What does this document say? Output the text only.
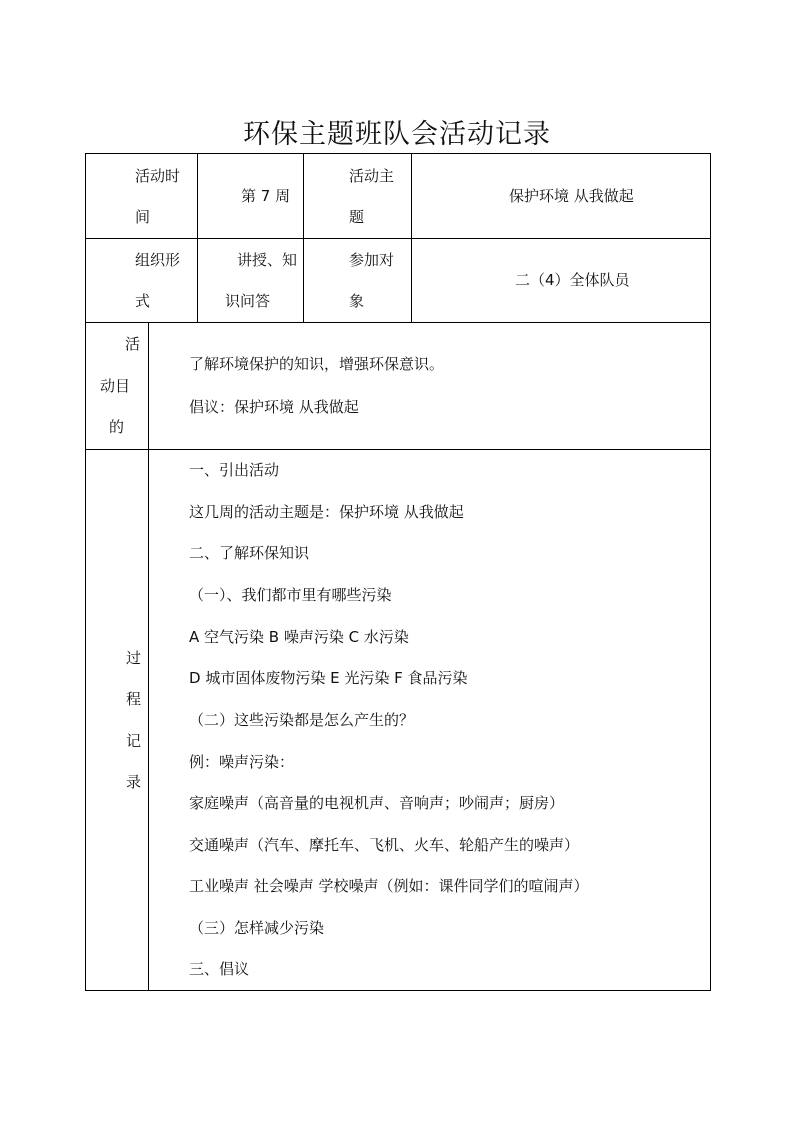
环保主题班队会活动记录
活动时
间
第 7 周
活动主
题
保护环境 从我做起
组织形
式
讲授、知
识问答
参加对
象
二（4）全体队员
活
动目
的
了解环境保护的知识，增强环保意识。
倡议：保护环境 从我做起
过
程
记
录
一、引出活动
这几周的活动主题是：保护环境 从我做起
二、了解环保知识
（一）、我们都市里有哪些污染
A 空气污染 B 噪声污染 C 水污染
D 城市固体废物污染 E 光污染 F 食品污染
（二）这些污染都是怎么产生的？
例：噪声污染：
家庭噪声（高音量的电视机声、音响声；吵闹声；厨房）
交通噪声（汽车、摩托车、飞机、火车、轮船产生的噪声）
工业噪声 社会噪声 学校噪声（例如：课件同学们的喧闹声）
（三）怎样减少污染
三、倡议
